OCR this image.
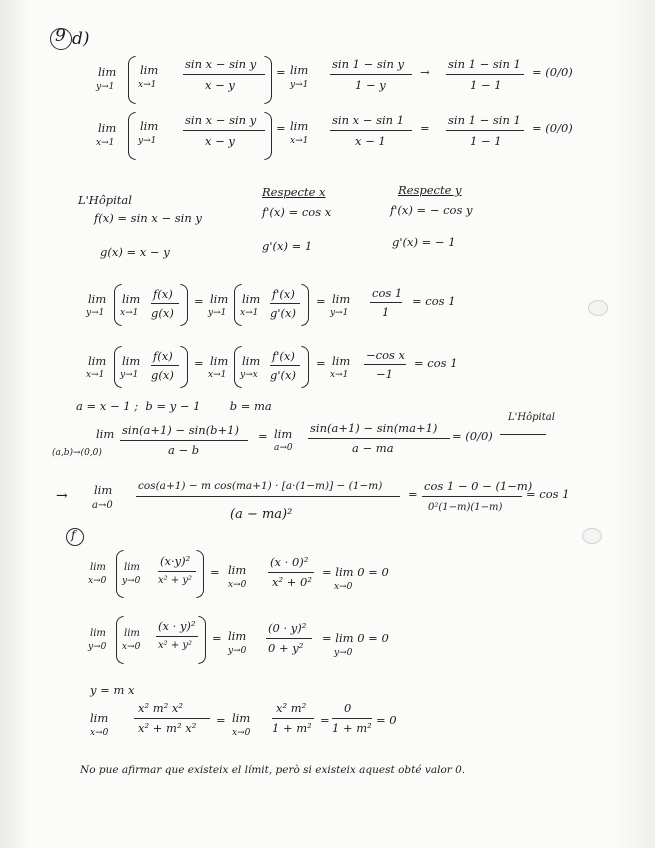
9 d)
lim
y→1
lim
x→1
sin x − sin y
x − y
= lim
y→1
sin 1 − sin y
1 − y
→
sin 1 − sin 1
1 − 1
= (0/0)
lim
x→1
lim
y→1
sin x − sin y
x − y
= lim
x→1
sin x − sin 1
x − 1
=
sin 1 − sin 1
1 − 1
= (0/0)
L'Hôpital
f(x) = sin x − sin y
g(x) = x − y
Respecte x
f'(x) = cos x
g'(x) = 1
Respecte y
f'(x) = − cos y
g'(x) = − 1
lim
y→1
lim
x→1
f(x)
g(x)
= lim
y→1
lim
x→1
f'(x)
g'(x)
= lim
y→1
cos 1
1
= cos 1
lim
x→1
lim
y→1
f(x)
g(x)
= lim
x→1
lim
y→x
f'(x)
g'(x)
= lim
x→1
−cos x
−1
= cos 1
a = x − 1 ;  b = y − 1        b = ma
lim
(a,b)→(0,0)
sin(a+1) − sin(b+1)
a − b
= lim
a→0
sin(a+1) − sin(ma+1)
a − ma
= (0/0)
L'Hôpital
→ lim
a→0
cos(a+1) − m cos(ma+1) · [a·(1−m)] − (1−m)
(a − ma)²
=
cos 1 − 0 − (1−m)
0²(1−m)(1−m)
= cos 1
f
lim
x→0
lim
y→0
(x·y)²
x² + y²
= lim
x→0
(x · 0)²
x² + 0²
= lim 0 = 0
x→0
lim
y→0
lim
x→0
(x · y)²
x² + y²
= lim
y→0
(0 · y)²
0 + y²
= lim 0 = 0
y→0
y = m x
lim
x→0
x² m² x²
x² + m² x²
= lim
x→0
x² m²
1 + m²
=
0
1 + m²
= 0
No pue afirmar que existeix el límit, però si existeix aquest obté valor 0.
